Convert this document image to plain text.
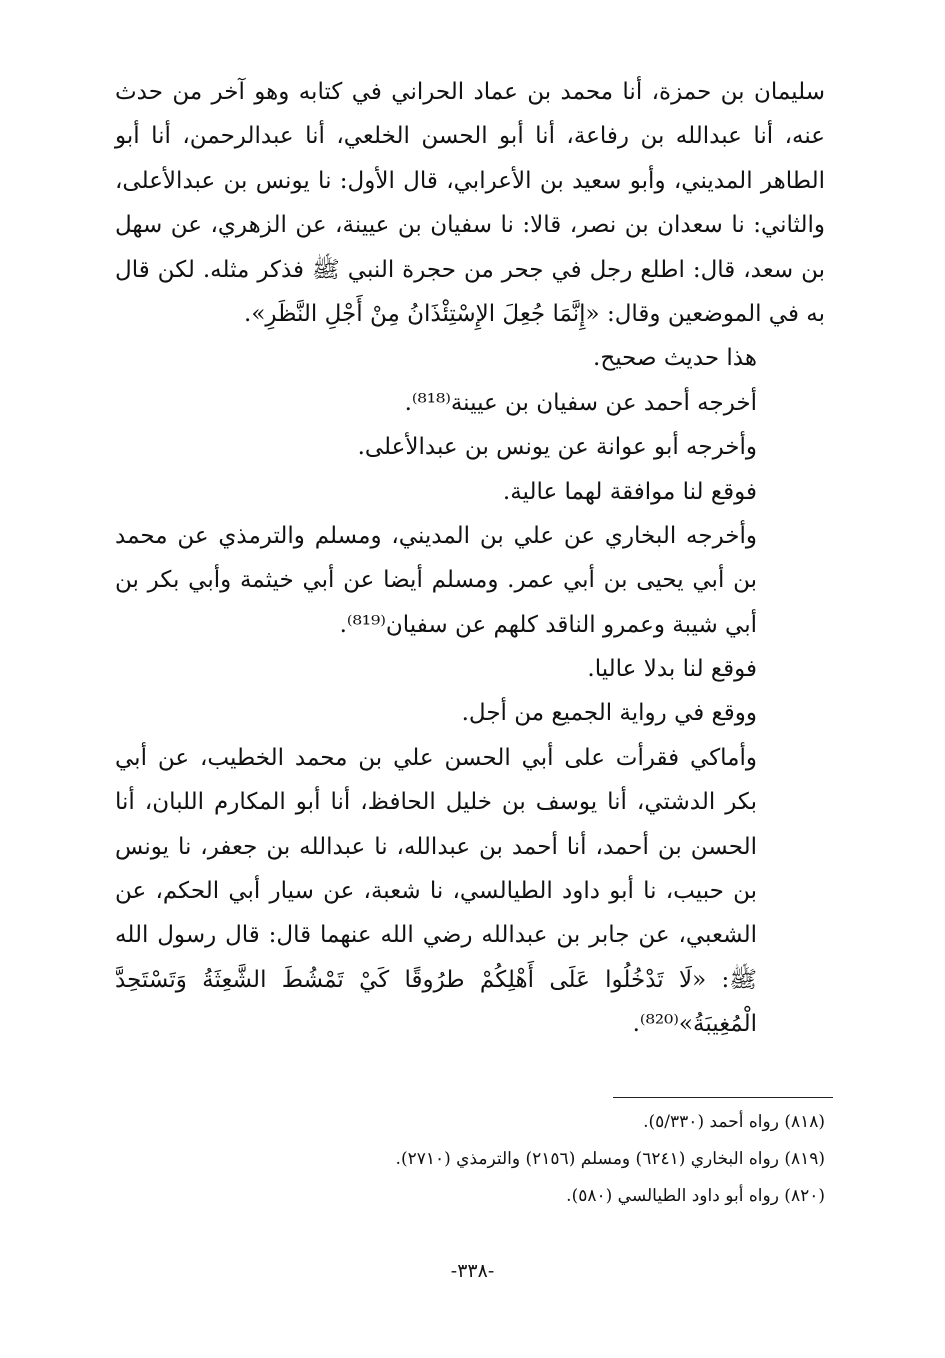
سليمان بن حمزة، أنا محمد بن عماد الحراني في كتابه وهو آخر من حدث عنه، أنا عبدالله بن رفاعة، أنا أبو الحسن الخلعي، أنا عبدالرحمن، أنا أبو الطاهر المديني، وأبو سعيد بن الأعرابي، قال الأول: نا يونس بن عبدالأعلى، والثاني: نا سعدان بن نصر، قالا: نا سفيان بن عيينة، عن الزهري، عن سهل بن سعد، قال: اطلع رجل في جحر من حجرة النبي ﷺ فذكر مثله. لكن قال به في الموضعين وقال: «إِنَّمَا جُعِلَ الإِسْتِئْذَانُ مِنْ أَجْلِ النَّظَرِ».

هذا حديث صحيح.

أخرجه أحمد عن سفيان بن عيينة⁽⁸¹⁸⁾.

وأخرجه أبو عوانة عن يونس بن عبدالأعلى.

فوقع لنا موافقة لهما عالية.

وأخرجه البخاري عن علي بن المديني، ومسلم والترمذي عن محمد بن أبي يحيى بن أبي عمر. ومسلم أيضا عن أبي خيثمة وأبي بكر بن أبي شيبة وعمرو الناقد كلهم عن سفيان⁽⁸¹⁹⁾.

فوقع لنا بدلا عاليا.

ووقع في رواية الجميع من أجل.

وأماكي فقرأت على أبي الحسن علي بن محمد الخطيب، عن أبي بكر الدشتي، أنا يوسف بن خليل الحافظ، أنا أبو المكارم اللبان، أنا الحسن بن أحمد، أنا أحمد بن عبدالله، نا عبدالله بن جعفر، نا يونس بن حبيب، نا أبو داود الطيالسي، نا شعبة، عن سيار أبي الحكم، عن الشعبي، عن جابر بن عبدالله رضي الله عنهما قال: قال رسول الله ﷺ: «لَا تَدْخُلُوا عَلَى أَهْلِكُمْ طرُوقًا كَيْ تَمْشُطَ الشَّعِثَةُ وَتَسْتَحِدَّ الْمُغِيبَةُ»⁽⁸²⁰⁾.

(٨١٨) رواه أحمد (٥/٣٣٠).

(٨١٩) رواه البخاري (٦٢٤١) ومسلم (٢١٥٦) والترمذي (٢٧١٠).

(٨٢٠) رواه أبو داود الطيالسي (٥٨٠).

-٣٣٨-
